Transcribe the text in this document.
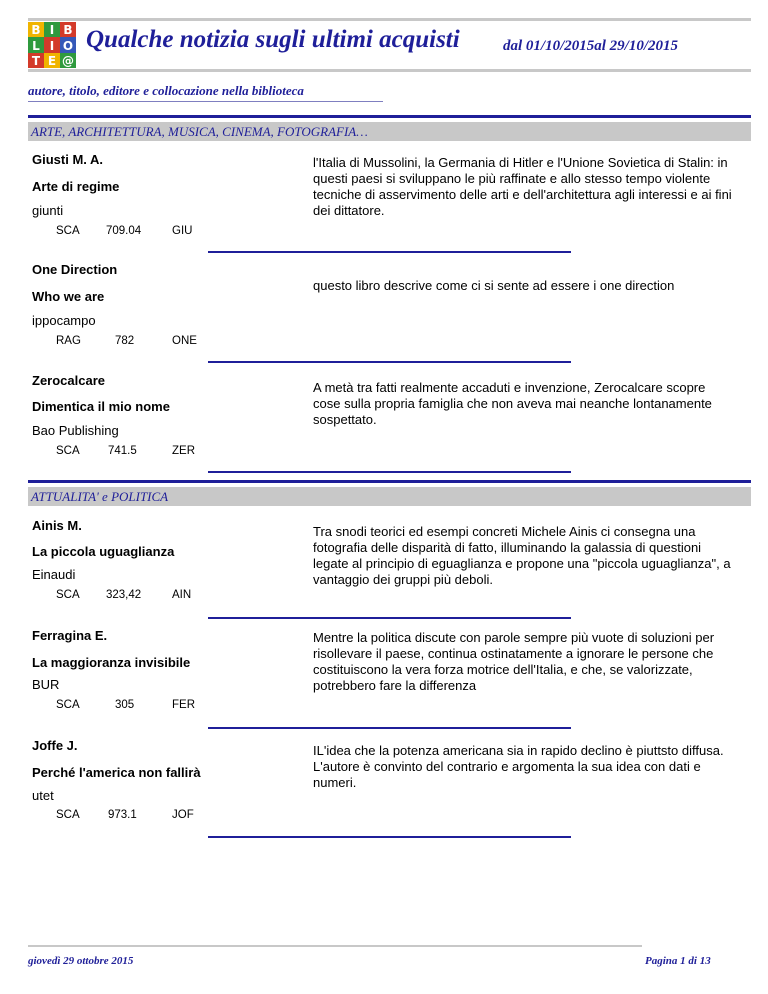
B I B
L I O
T E @
Qualche notizia sugli ultimi acquisti	dal 01/10/2015al 29/10/2015
autore, titolo, editore e collocazione nella biblioteca
ARTE, ARCHITETTURA, MUSICA, CINEMA, FOTOGRAFIA…
Giusti M. A.
Arte di regime
giunti
SCA 709.04	GIU
l'Italia di Mussolini, la Germania di Hitler e l'Unione Sovietica di Stalin: in questi paesi si sviluppano le più raffinate e allo stesso tempo violente tecniche di asservimento delle arti e dell'architettura agli interessi e ai fini dei dittatore.
One Direction
Who we are
ippocampo
RAG	782	ONE
questo libro descrive come ci si sente ad essere i one direction
Zerocalcare
Dimentica il mio nome
Bao Publishing
SCA 741.5	ZER
A metà tra fatti realmente accaduti e invenzione, Zerocalcare scopre cose sulla propria famiglia che non aveva mai neanche lontanamente sospettato.
ATTUALITA' e POLITICA
Ainis M.
La piccola uguaglianza
Einaudi
SCA 323,42	AIN
Tra snodi teorici ed esempi concreti Michele Ainis ci consegna una fotografia delle disparità di fatto, illuminando la galassia di questioni legate al principio di eguaglianza e propone una "piccola uguaglianza", a vantaggio dei gruppi più deboli.
Ferragina E.
La maggioranza invisibile
BUR
SCA	305	FER
Mentre la politica discute con parole sempre più vuote di soluzioni per risollevare il paese, continua ostinatamente a ignorare le persone che costituiscono la vera forza motrice dell'Italia, e che, se valorizzate, potrebbero fare la differenza
Joffe J.
Perché l'america non fallirà
utet
SCA 973.1	JOF
IL'idea che la potenza americana sia in rapido declino è piuttsto diffusa. L'autore è convinto del contrario e argomenta la sua idea con dati e numeri.
giovedì 29 ottobre 2015	Pagina 1 di 13
